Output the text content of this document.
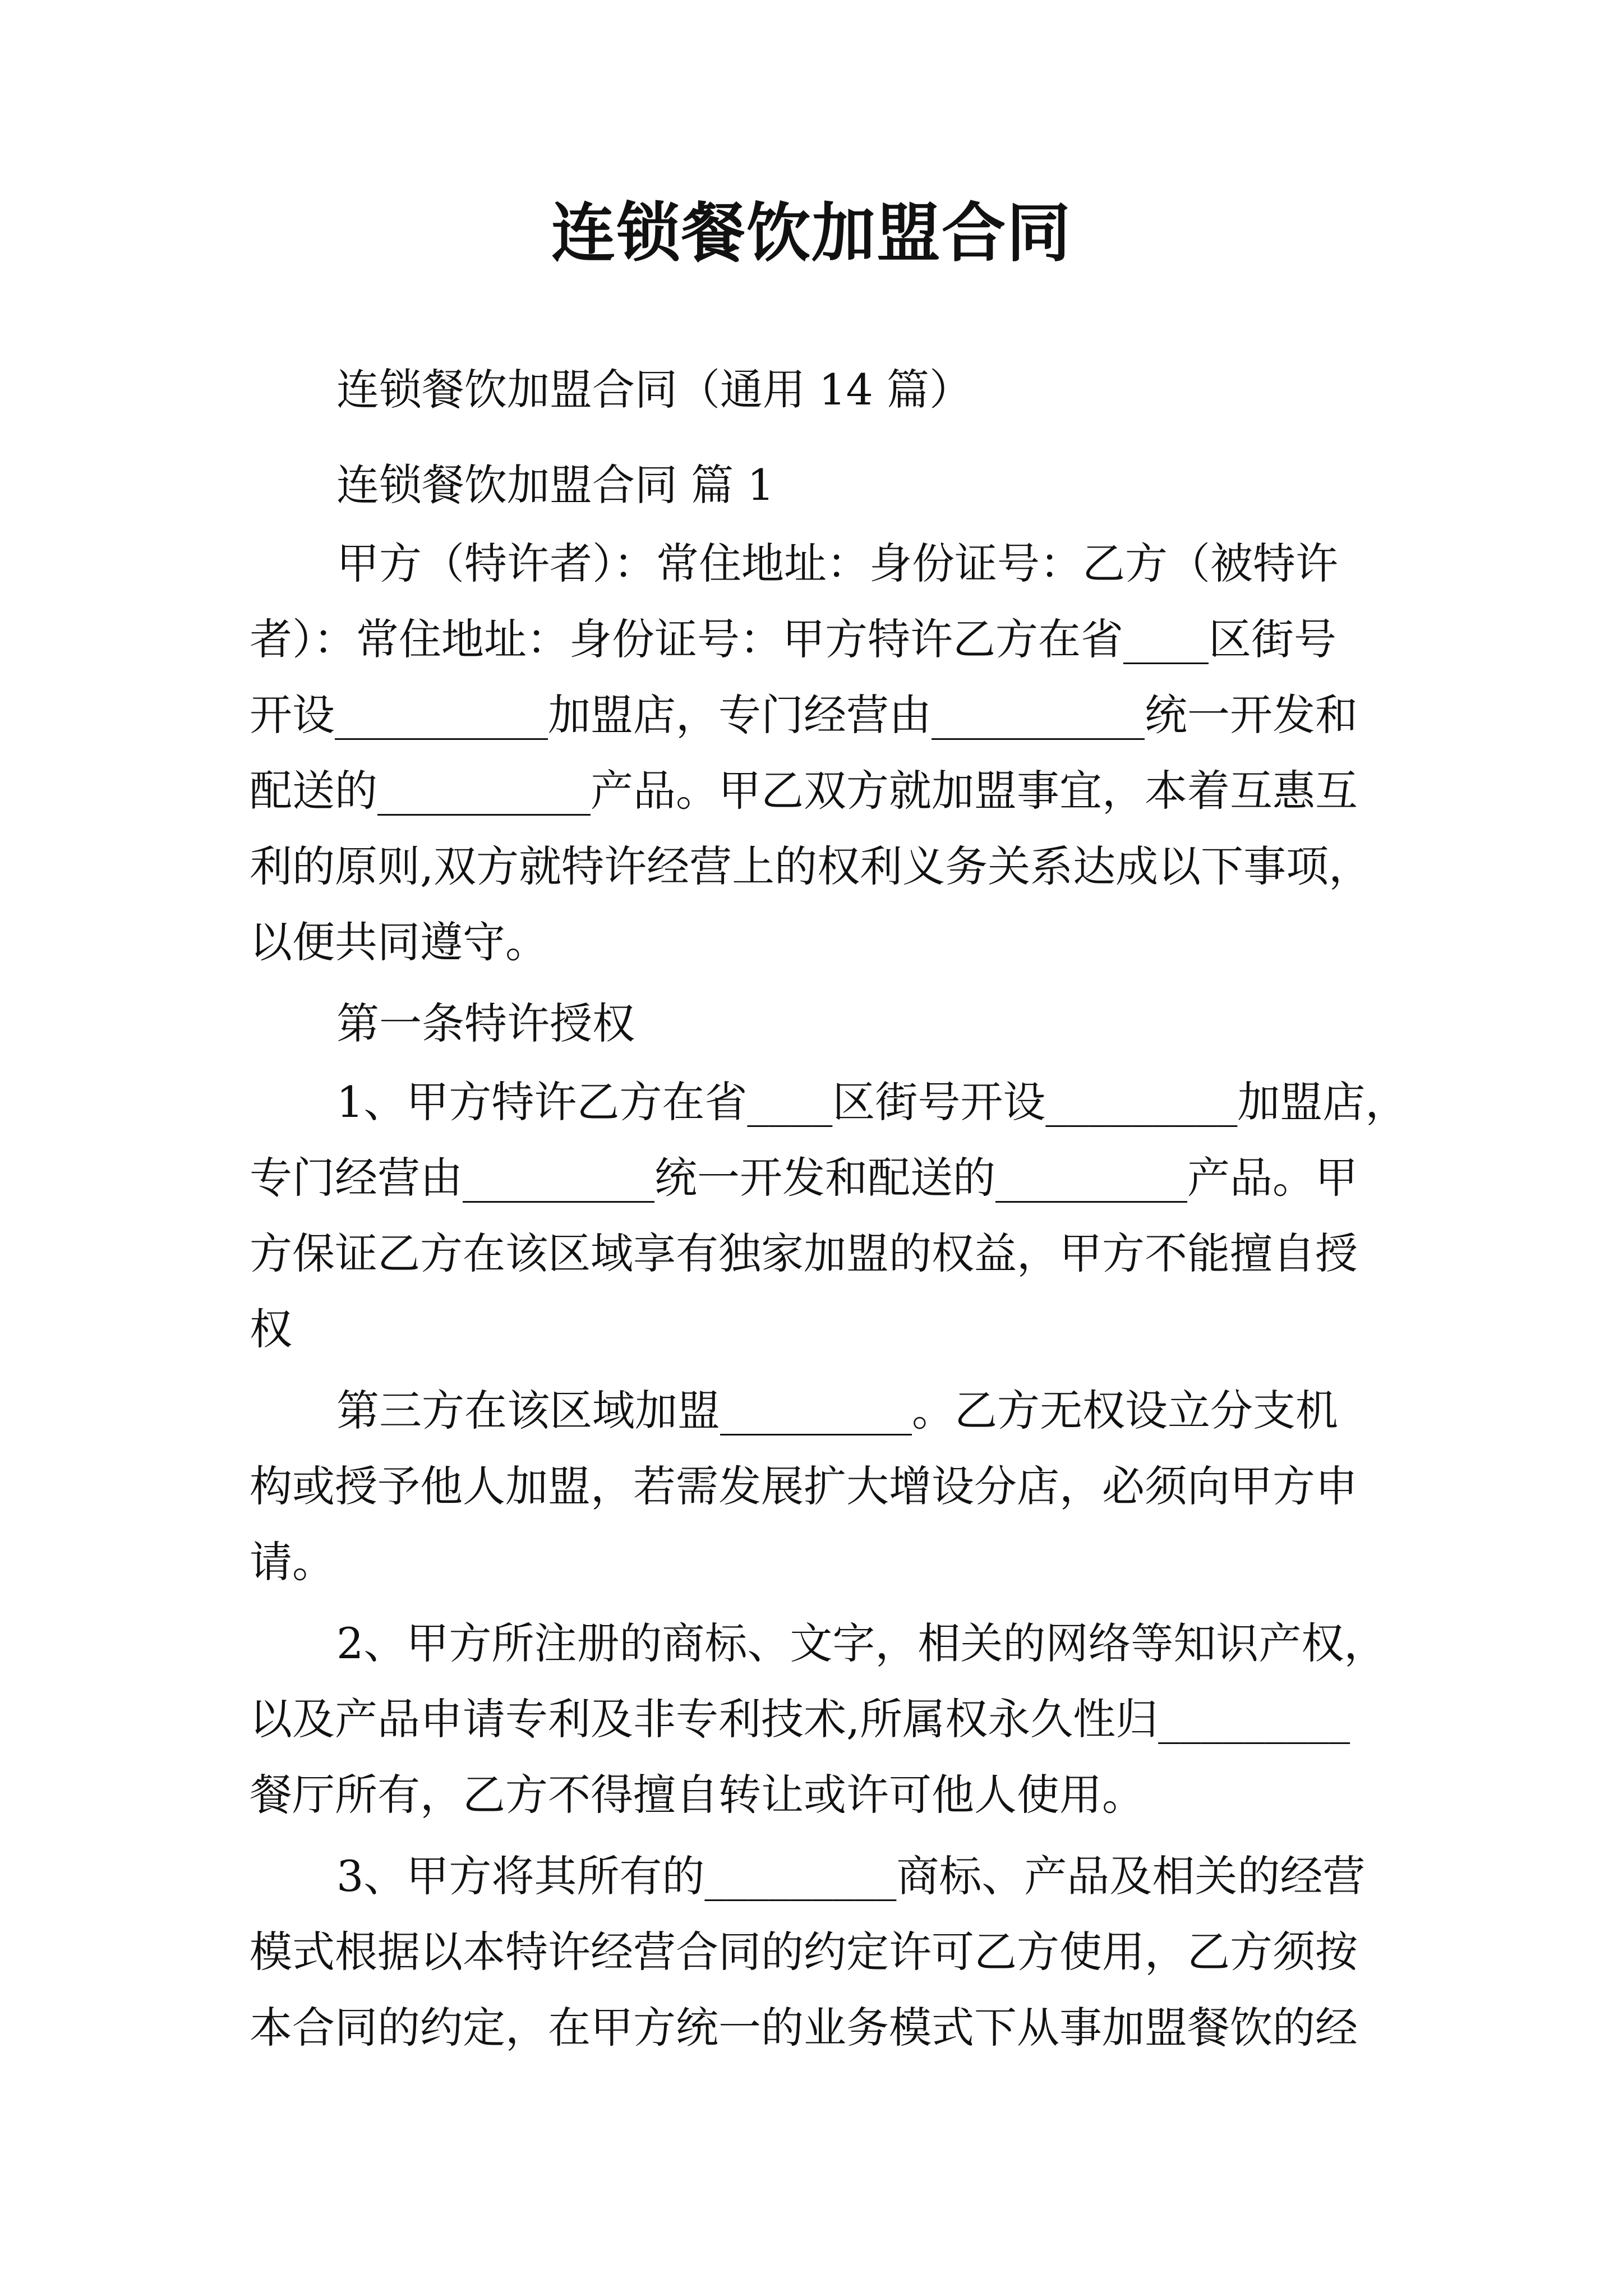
连锁餐饮加盟合同

连锁餐饮加盟合同（通用 14 篇）

连锁餐饮加盟合同 篇 1

甲方（特许者）：常住地址：身份证号：乙方（被特许

者）：常住地址：身份证号：甲方特许乙方在省____区街号

开设__________加盟店，专门经营由__________统一开发和

配送的__________产品。甲乙双方就加盟事宜，本着互惠互

利的原则,双方就特许经营上的权利义务关系达成以下事项，

以便共同遵守。

第一条特许授权

1、甲方特许乙方在省____区街号开设_________加盟店，

专门经营由_________统一开发和配送的_________产品。甲

方保证乙方在该区域享有独家加盟的权益，甲方不能擅自授

权

第三方在该区域加盟_________。乙方无权设立分支机

构或授予他人加盟，若需发展扩大增设分店，必须向甲方申

请。

2、甲方所注册的商标、文字，相关的网络等知识产权，

以及产品申请专利及非专利技术,所属权永久性归_________

餐厅所有，乙方不得擅自转让或许可他人使用。

3、甲方将其所有的_________商标、产品及相关的经营

模式根据以本特许经营合同的约定许可乙方使用，乙方须按

本合同的约定，在甲方统一的业务模式下从事加盟餐饮的经
